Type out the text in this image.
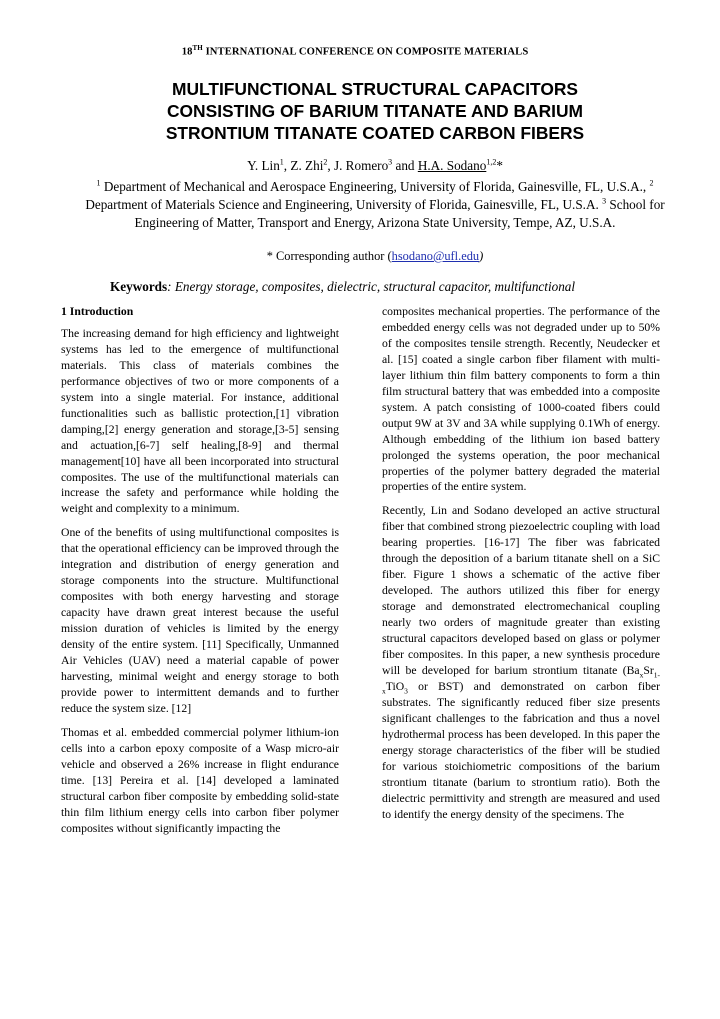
18TH INTERNATIONAL CONFERENCE ON COMPOSITE MATERIALS
MULTIFUNCTIONAL STRUCTURAL CAPACITORS
CONSISTING OF BARIUM TITANATE AND BARIUM
STRONTIUM TITANATE COATED CARBON FIBERS
Y. Lin$^1$, Z. Zhi$^2$, J. Romero$^3$ and H.A. Sodano$^{1,2}$*
$^1$ Department of Mechanical and Aerospace Engineering, University of Florida, Gainesville, FL, U.S.A., $^2$ Department of Materials Science and Engineering, University of Florida, Gainesville, FL, U.S.A. $^3$ School for Engineering of Matter, Transport and Energy, Arizona State University, Tempe, AZ, U.S.A.
* Corresponding author (hsodano@ufl.edu)
Keywords: Energy storage, composites, dielectric, structural capacitor, multifunctional
1 Introduction

The increasing demand for high efficiency and lightweight systems has led to the emergence of multifunctional materials. This class of materials combines the performance objectives of two or more components of a system into a single material. For instance, additional functionalities such as ballistic protection,[1] vibration damping,[2] energy generation and storage,[3-5] sensing and actuation,[6-7] self healing,[8-9] and thermal management[10] have all been incorporated into structural composites. The use of the multifunctional materials can increase the safety and performance while holding the weight and complexity to a minimum.

One of the benefits of using multifunctional composites is that the operational efficiency can be improved through the integration and distribution of energy generation and storage components into the structure. Multifunctional composites with both energy harvesting and storage capacity have drawn great interest because the useful mission duration of vehicles is limited by the energy density of the entire system. [11] Specifically, Unmanned Air Vehicles (UAV) need a material capable of power harvesting, minimal weight and energy storage to both provide power to intermittent demands and to further reduce the system size. [12]

Thomas et al. embedded commercial polymer lithium-ion cells into a carbon epoxy composite of a Wasp micro-air vehicle and observed a 26% increase in flight endurance time. [13] Pereira et al. [14] developed a laminated structural carbon fiber composite by embedding solid-state thin film lithium energy cells into carbon fiber polymer composites without significantly impacting the

composites mechanical properties. The performance of the embedded energy cells was not degraded under up to 50% of the composites tensile strength. Recently, Neudecker et al. [15] coated a single carbon fiber filament with multi-layer lithium thin film battery components to form a thin film structural battery that was embedded into a composite system. A patch consisting of 1000-coated fibers could output 9W at 3V and 3A while supplying 0.1Wh of energy. Although embedding of the lithium ion based battery prolonged the systems operation, the poor mechanical properties of the polymer battery degraded the material properties of the entire system.

Recently, Lin and Sodano developed an active structural fiber that combined strong piezoelectric coupling with load bearing properties. [16-17] The fiber was fabricated through the deposition of a barium titanate shell on a SiC fiber. Figure 1 shows a schematic of the active fiber developed. The authors utilized this fiber for energy storage and demonstrated electromechanical coupling nearly two orders of magnitude greater than existing structural capacitors developed based on glass or polymer fiber composites. In this paper, a new synthesis procedure will be developed for barium strontium titanate ($Ba_xSr_{1-x}TiO_3$ or BST) and demonstrated on carbon fiber substrates. The significantly reduced fiber size presents significant challenges to the fabrication and thus a novel hydrothermal process has been developed. In this paper the energy storage characteristics of the fiber will be studied for various stoichiometric compositions of the barium strontium titanate (barium to strontium ratio). Both the dielectric permittivity and strength are measured and used to identify the energy density of the specimens. The
